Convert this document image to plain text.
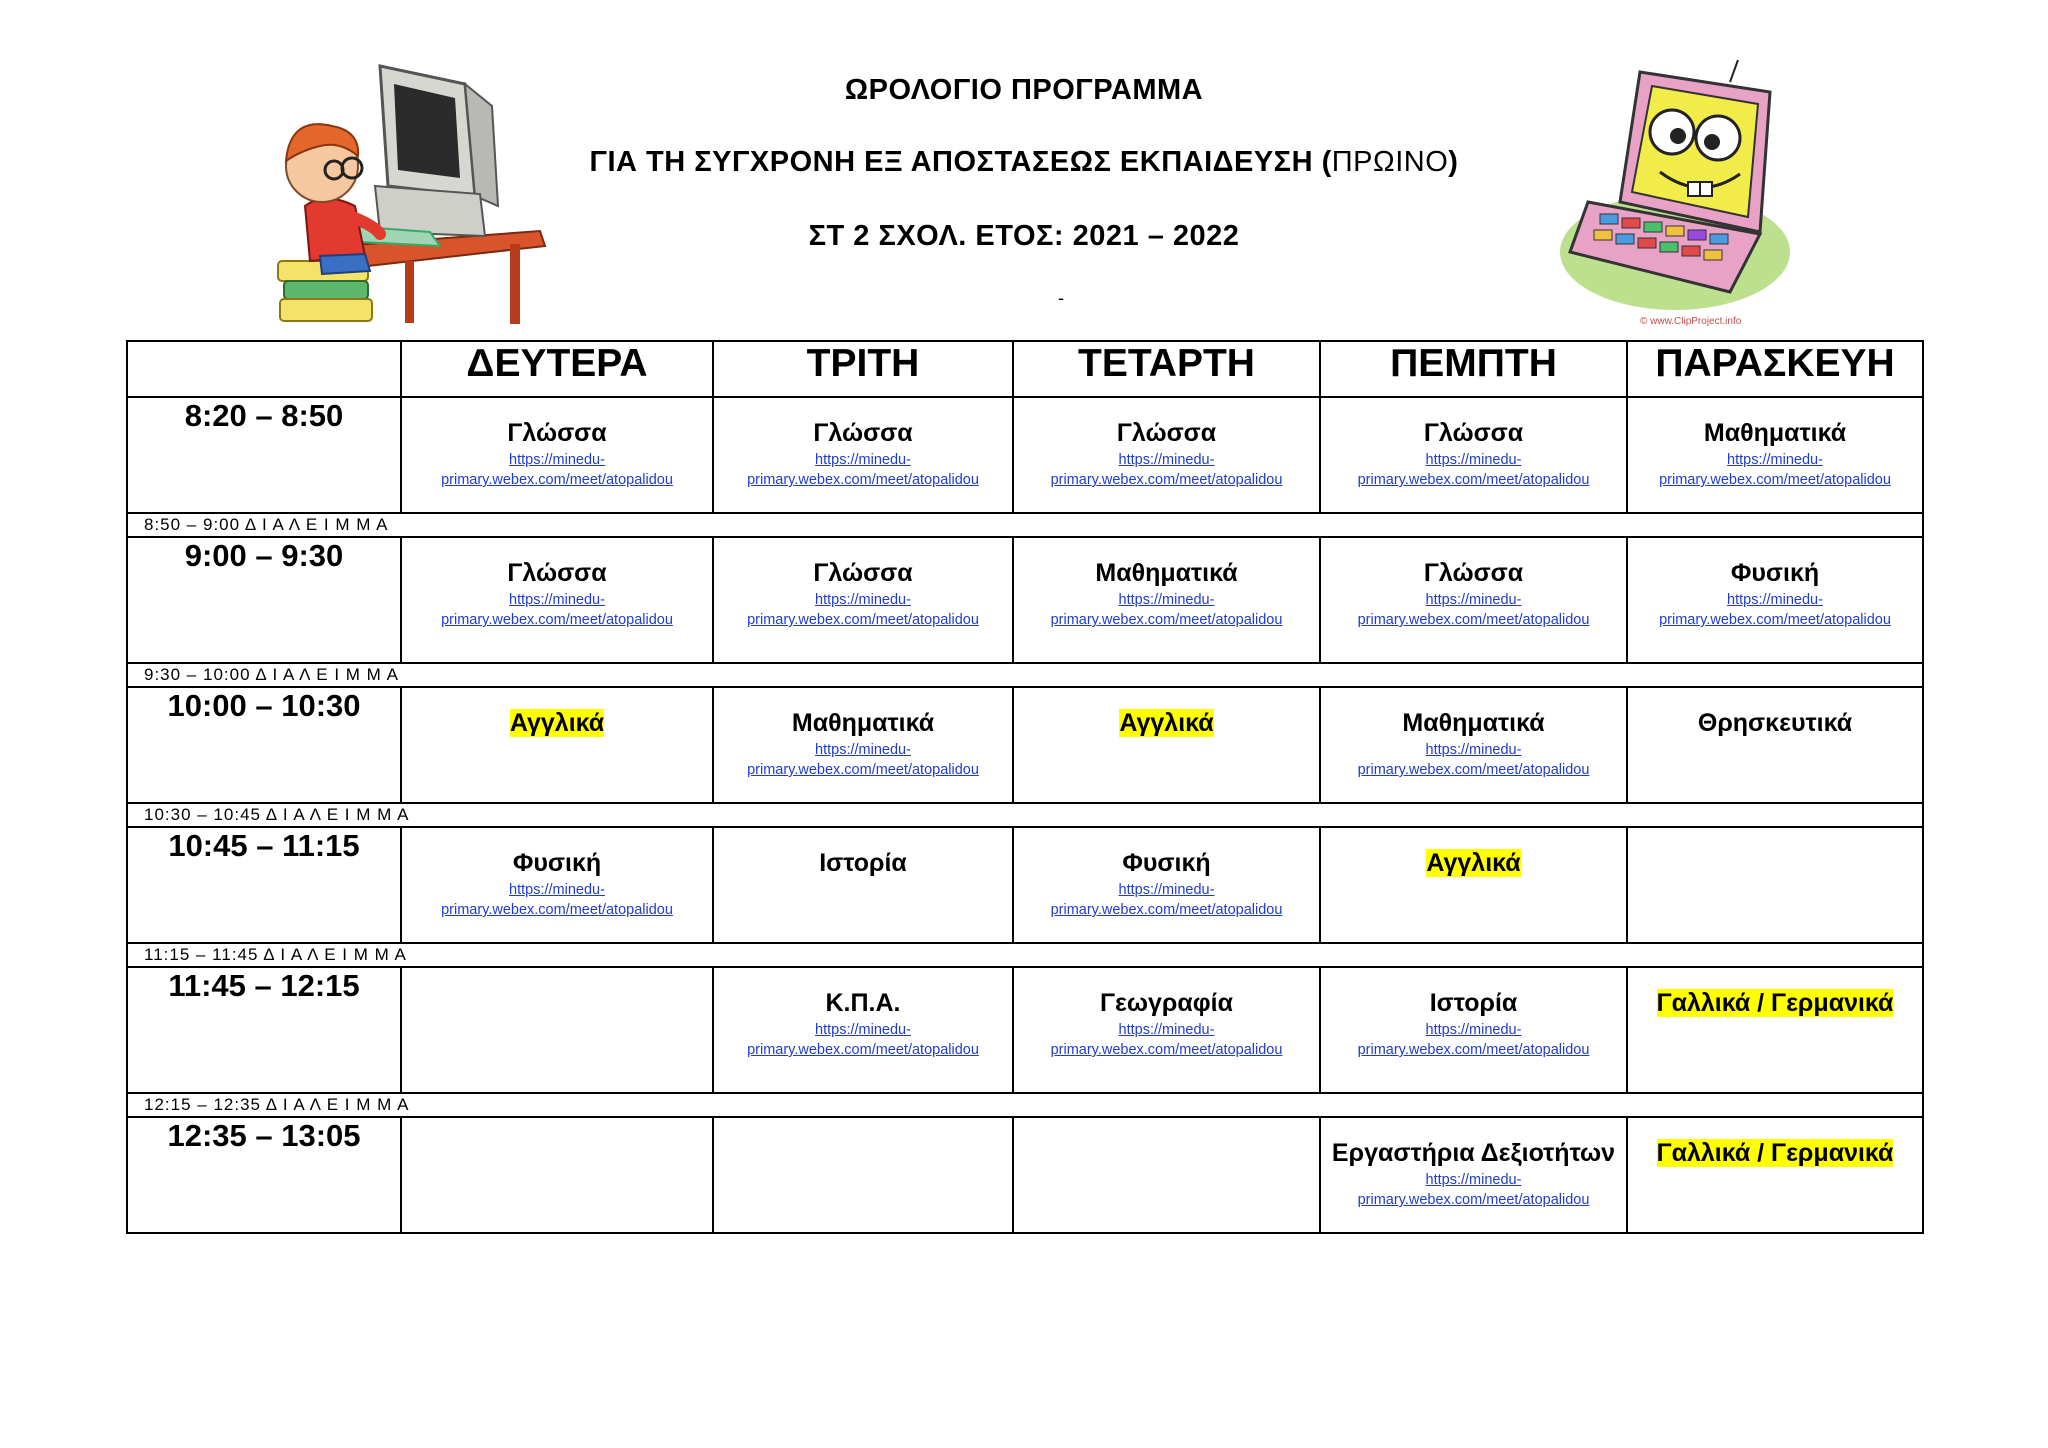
ΩΡΟΛΟΓΙΟ ΠΡΟΓΡΑΜΜΑ
ΓΙΑ ΤΗ ΣΥΓΧΡΟΝΗ ΕΞ ΑΠΟΣΤΑΣΕΩΣ ΕΚΠΑΙΔΕΥΣΗ (ΠΡΩΙΝΟ)
ΣΤ 2 ΣΧΟΛ. ΕΤΟΣ: 2021 – 2022
-
© www.ClipProject.info
	ΔΕΥΤΕΡΑ	ΤΡΙΤΗ	ΤΕΤΑΡΤΗ	ΠΕΜΠΤΗ	ΠΑΡΑΣΚΕΥΗ
8:20 – 8:50	Γλώσσα
https://minedu-
primary.webex.com/meet/atopalidou	Γλώσσα
https://minedu-
primary.webex.com/meet/atopalidou	Γλώσσα
https://minedu-
primary.webex.com/meet/atopalidou	Γλώσσα
https://minedu-
primary.webex.com/meet/atopalidou	Μαθηματικά
https://minedu-
primary.webex.com/meet/atopalidou

8:50 – 9:00 Δ Ι Α Λ Ε Ι Μ Μ Α					
9:00 – 9:30	Γλώσσα
https://minedu-
primary.webex.com/meet/atopalidou	Γλώσσα
https://minedu-
primary.webex.com/meet/atopalidou	Μαθηματικά
https://minedu-
primary.webex.com/meet/atopalidou	Γλώσσα
https://minedu-
primary.webex.com/meet/atopalidou	Φυσική
https://minedu-
primary.webex.com/meet/atopalidou

9:30 – 10:00 Δ Ι Α Λ Ε Ι Μ Μ Α					
10:00 – 10:30	Αγγλικά	Μαθηματικά
https://minedu-
primary.webex.com/meet/atopalidou	Αγγλικά	Μαθηματικά
https://minedu-
primary.webex.com/meet/atopalidou	Θρησκευτικά

10:30 – 10:45 Δ Ι Α Λ Ε Ι Μ Μ Α					
10:45 – 11:15	Φυσική
https://minedu-
primary.webex.com/meet/atopalidou	Ιστορία	Φυσική
https://minedu-
primary.webex.com/meet/atopalidou	Αγγλικά	

11:15 – 11:45 Δ Ι Α Λ Ε Ι Μ Μ Α					
11:45 – 12:15		Κ.Π.Α.
https://minedu-
primary.webex.com/meet/atopalidou	Γεωγραφία
https://minedu-
primary.webex.com/meet/atopalidou	Ιστορία
https://minedu-
primary.webex.com/meet/atopalidou	Γαλλικά / Γερμανικά

12:15 – 12:35 Δ Ι Α Λ Ε Ι Μ Μ Α					
12:35 – 13:05				Εργαστήρια Δεξιοτήτων
https://minedu-
primary.webex.com/meet/atopalidou	Γαλλικά / Γερμανικά
